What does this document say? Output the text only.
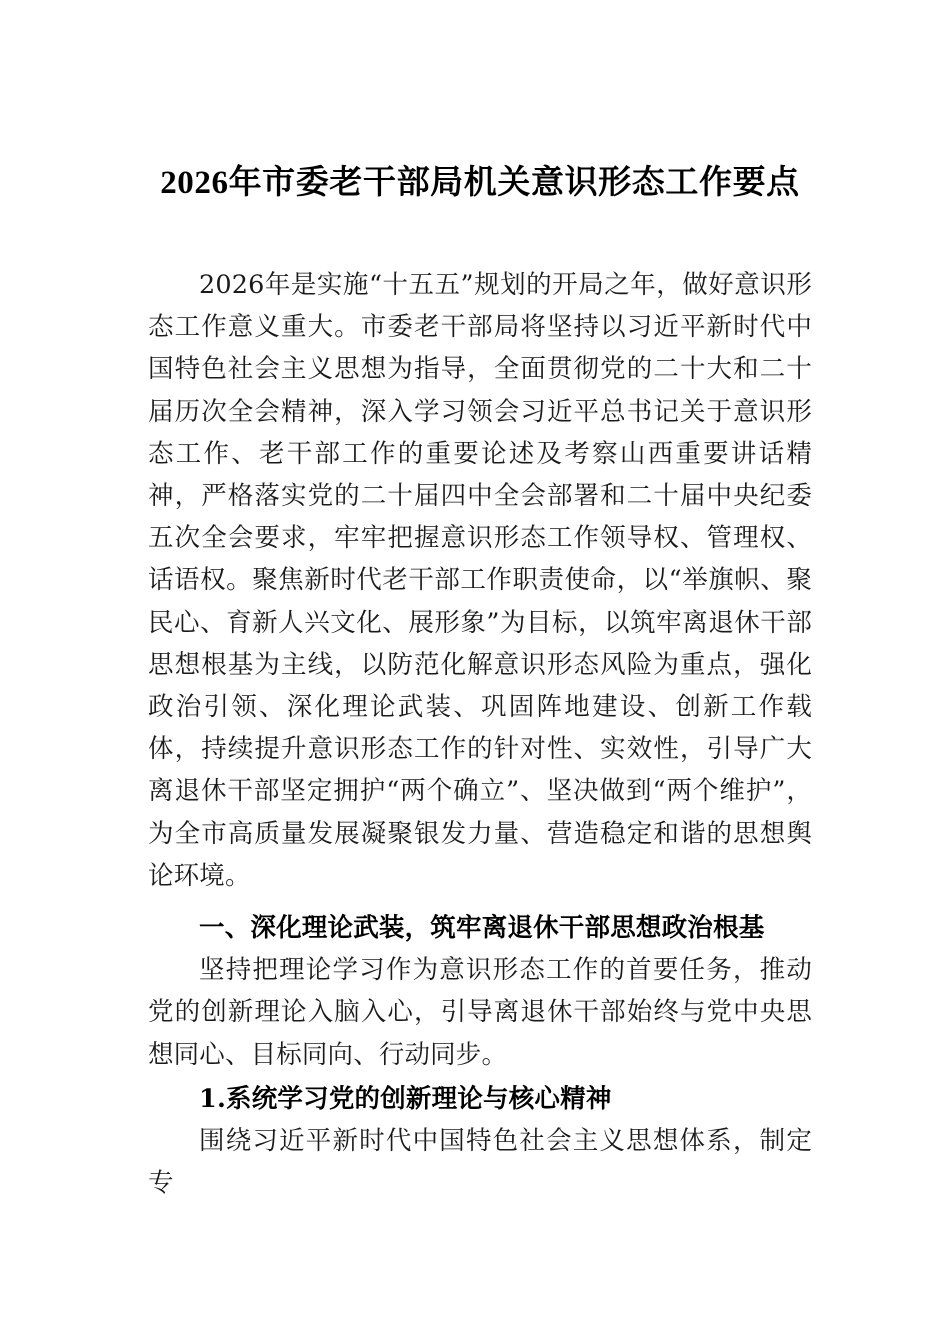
2026年市委老干部局机关意识形态工作要点

2026年是实施“十五五”规划的开局之年，做好意识形态工作意义重大。市委老干部局将坚持以习近平新时代中国特色社会主义思想为指导，全面贯彻党的二十大和二十届历次全会精神，深入学习领会习近平总书记关于意识形态工作、老干部工作的重要论述及考察山西重要讲话精神，严格落实党的二十届四中全会部署和二十届中央纪委五次全会要求，牢牢把握意识形态工作领导权、管理权、话语权。聚焦新时代老干部工作职责使命，以“举旗帜、聚民心、育新人兴文化、展形象”为目标，以筑牢离退休干部思想根基为主线，以防范化解意识形态风险为重点，强化政治引领、深化理论武装、巩固阵地建设、创新工作载体，持续提升意识形态工作的针对性、实效性，引导广大离退休干部坚定拥护“两个确立”、坚决做到“两个维护”，为全市高质量发展凝聚银发力量、营造稳定和谐的思想舆论环境。

一、深化理论武装，筑牢离退休干部思想政治根基

坚持把理论学习作为意识形态工作的首要任务，推动党的创新理论入脑入心，引导离退休干部始终与党中央思想同心、目标同向、行动同步。

1.系统学习党的创新理论与核心精神

围绕习近平新时代中国特色社会主义思想体系，制定专
